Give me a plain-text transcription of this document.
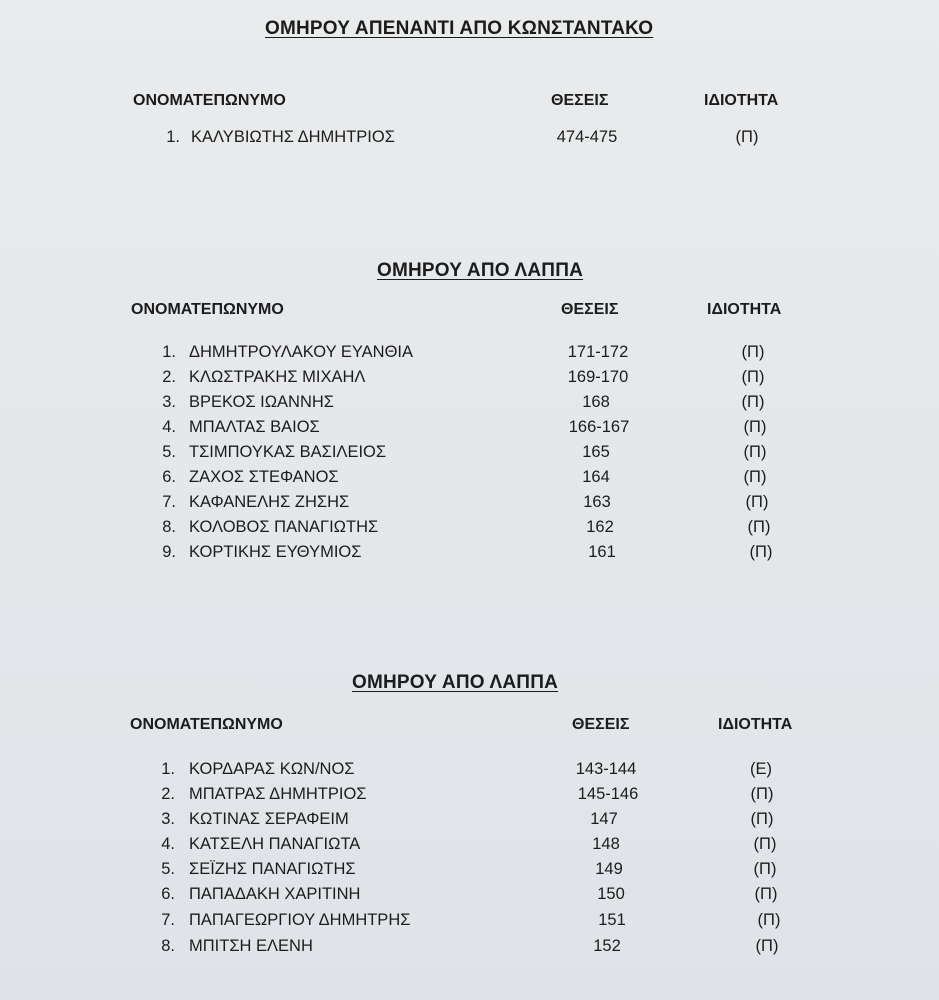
ΟΜΗΡΟΥ ΑΠΕΝΑΝΤΙ ΑΠΟ ΚΩΝΣΤΑΝΤΑΚΟ
ΟΝΟΜΑΤΕΠΩΝΥΜΟ	ΘΕΣΕΙΣ	ΙΔΙΟΤΗΤΑ
1. ΚΑΛΥΒΙΩΤΗΣ ΔΗΜΗΤΡΙΟΣ	474-475	(Π)
ΟΜΗΡΟΥ ΑΠΟ ΛΑΠΠΑ
ΟΝΟΜΑΤΕΠΩΝΥΜΟ	ΘΕΣΕΙΣ	ΙΔΙΟΤΗΤΑ
1. ΔΗΜΗΤΡΟΥΛΑΚΟΥ ΕΥΑΝΘΙΑ	171-172	(Π)
2. ΚΛΩΣΤΡΑΚΗΣ ΜΙΧΑΗΛ	169-170	(Π)
3. ΒΡΕΚΟΣ ΙΩΑΝΝΗΣ	168	(Π)
4. ΜΠΑΛΤΑΣ ΒΑΙΟΣ	166-167	(Π)
5. ΤΣΙΜΠΟΥΚΑΣ ΒΑΣΙΛΕΙΟΣ	165	(Π)
6. ΖΑΧΟΣ ΣΤΕΦΑΝΟΣ	164	(Π)
7. ΚΑΦΑΝΕΛΗΣ ΖΗΣΗΣ	163	(Π)
8. ΚΟΛΟΒΟΣ ΠΑΝΑΓΙΩΤΗΣ	162	(Π)
9. ΚΟΡΤΙΚΗΣ ΕΥΘΥΜΙΟΣ	161	(Π)
ΟΜΗΡΟΥ ΑΠΟ ΛΑΠΠΑ
ΟΝΟΜΑΤΕΠΩΝΥΜΟ	ΘΕΣΕΙΣ	ΙΔΙΟΤΗΤΑ
1. ΚΟΡΔΑΡΑΣ ΚΩΝ/ΝΟΣ	143-144	(Ε)
2. ΜΠΑΤΡΑΣ ΔΗΜΗΤΡΙΟΣ	145-146	(Π)
3. ΚΩΤΙΝΑΣ ΣΕΡΑΦΕΙΜ	147	(Π)
4. ΚΑΤΣΕΛΗ ΠΑΝΑΓΙΩΤΑ	148	(Π)
5. ΣΕΪΖΗΣ ΠΑΝΑΓΙΩΤΗΣ	149	(Π)
6. ΠΑΠΑΔΑΚΗ ΧΑΡΙΤΙΝΗ	150	(Π)
7. ΠΑΠΑΓΕΩΡΓΙΟΥ ΔΗΜΗΤΡΗΣ	151	(Π)
8. ΜΠΙΤΣΗ ΕΛΕΝΗ	152	(Π)
